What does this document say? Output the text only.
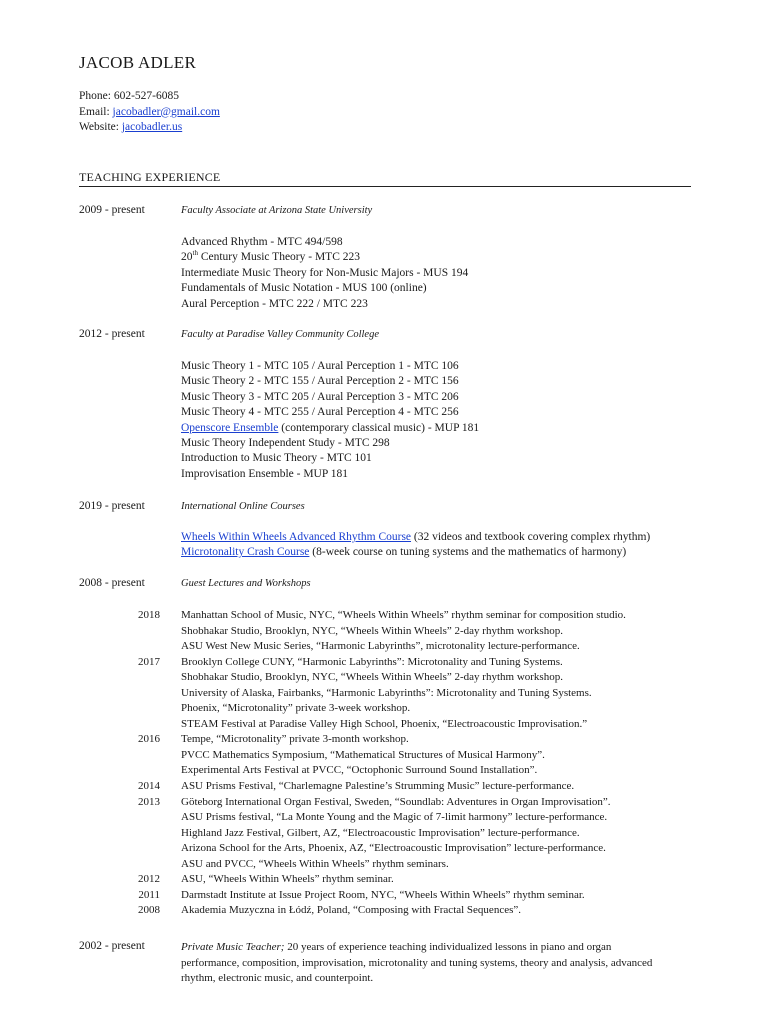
JACOB ADLER
Phone: 602-527-6085
Email: jacobadler@gmail.com
Website: jacobadler.us
TEACHING EXPERIENCE
2009 - present	Faculty Associate at Arizona State University
Advanced Rhythm - MTC 494/598
20th Century Music Theory - MTC 223
Intermediate Music Theory for Non-Music Majors - MUS 194
Fundamentals of Music Notation - MUS 100 (online)
Aural Perception - MTC 222 / MTC 223
2012 - present	Faculty at Paradise Valley Community College
Music Theory 1 - MTC 105 / Aural Perception 1 - MTC 106
Music Theory 2 - MTC 155 / Aural Perception 2 - MTC 156
Music Theory 3 - MTC 205 / Aural Perception 3 - MTC 206
Music Theory 4 - MTC 255 / Aural Perception 4 - MTC 256
Openscore Ensemble (contemporary classical music) - MUP 181
Music Theory Independent Study - MTC 298
Introduction to Music Theory - MTC 101
Improvisation Ensemble - MUP 181
2019 - present	International Online Courses
Wheels Within Wheels Advanced Rhythm Course (32 videos and textbook covering complex rhythm)
Microtonality Crash Course (8-week course on tuning systems and the mathematics of harmony)
2008 - present	Guest Lectures and Workshops
2018 Manhattan School of Music, NYC, “Wheels Within Wheels” rhythm seminar for composition studio.
Shobhakar Studio, Brooklyn, NYC, “Wheels Within Wheels” 2-day rhythm workshop.
ASU West New Music Series, “Harmonic Labyrinths”, microtonality lecture-performance.
2017 Brooklyn College CUNY, “Harmonic Labyrinths”: Microtonality and Tuning Systems.
Shobhakar Studio, Brooklyn, NYC, “Wheels Within Wheels” 2-day rhythm workshop.
University of Alaska, Fairbanks, “Harmonic Labyrinths”: Microtonality and Tuning Systems.
Phoenix, “Microtonality” private 3-week workshop.
STEAM Festival at Paradise Valley High School, Phoenix, “Electroacoustic Improvisation.”
2016 Tempe, “Microtonality” private 3-month workshop.
PVCC Mathematics Symposium, “Mathematical Structures of Musical Harmony”.
Experimental Arts Festival at PVCC, “Octophonic Surround Sound Installation”.
2014 ASU Prisms Festival, “Charlemagne Palestine’s Strumming Music” lecture-performance.
2013 Göteborg International Organ Festival, Sweden, “Soundlab: Adventures in Organ Improvisation”.
ASU Prisms festival, “La Monte Young and the Magic of 7-limit harmony” lecture-performance.
Highland Jazz Festival, Gilbert, AZ, “Electroacoustic Improvisation” lecture-performance.
Arizona School for the Arts, Phoenix, AZ, “Electroacoustic Improvisation” lecture-performance.
ASU and PVCC, “Wheels Within Wheels” rhythm seminars.
2012 ASU, “Wheels Within Wheels” rhythm seminar.
2011 Darmstadt Institute at Issue Project Room, NYC, “Wheels Within Wheels” rhythm seminar.
2008 Akademia Muzyczna in Łódź, Poland, “Composing with Fractal Sequences”.
2002 - present	Private Music Teacher; 20 years of experience teaching individualized lessons in piano and organ performance, composition, improvisation, microtonality and tuning systems, theory and analysis, advanced rhythm, electronic music, and counterpoint.
